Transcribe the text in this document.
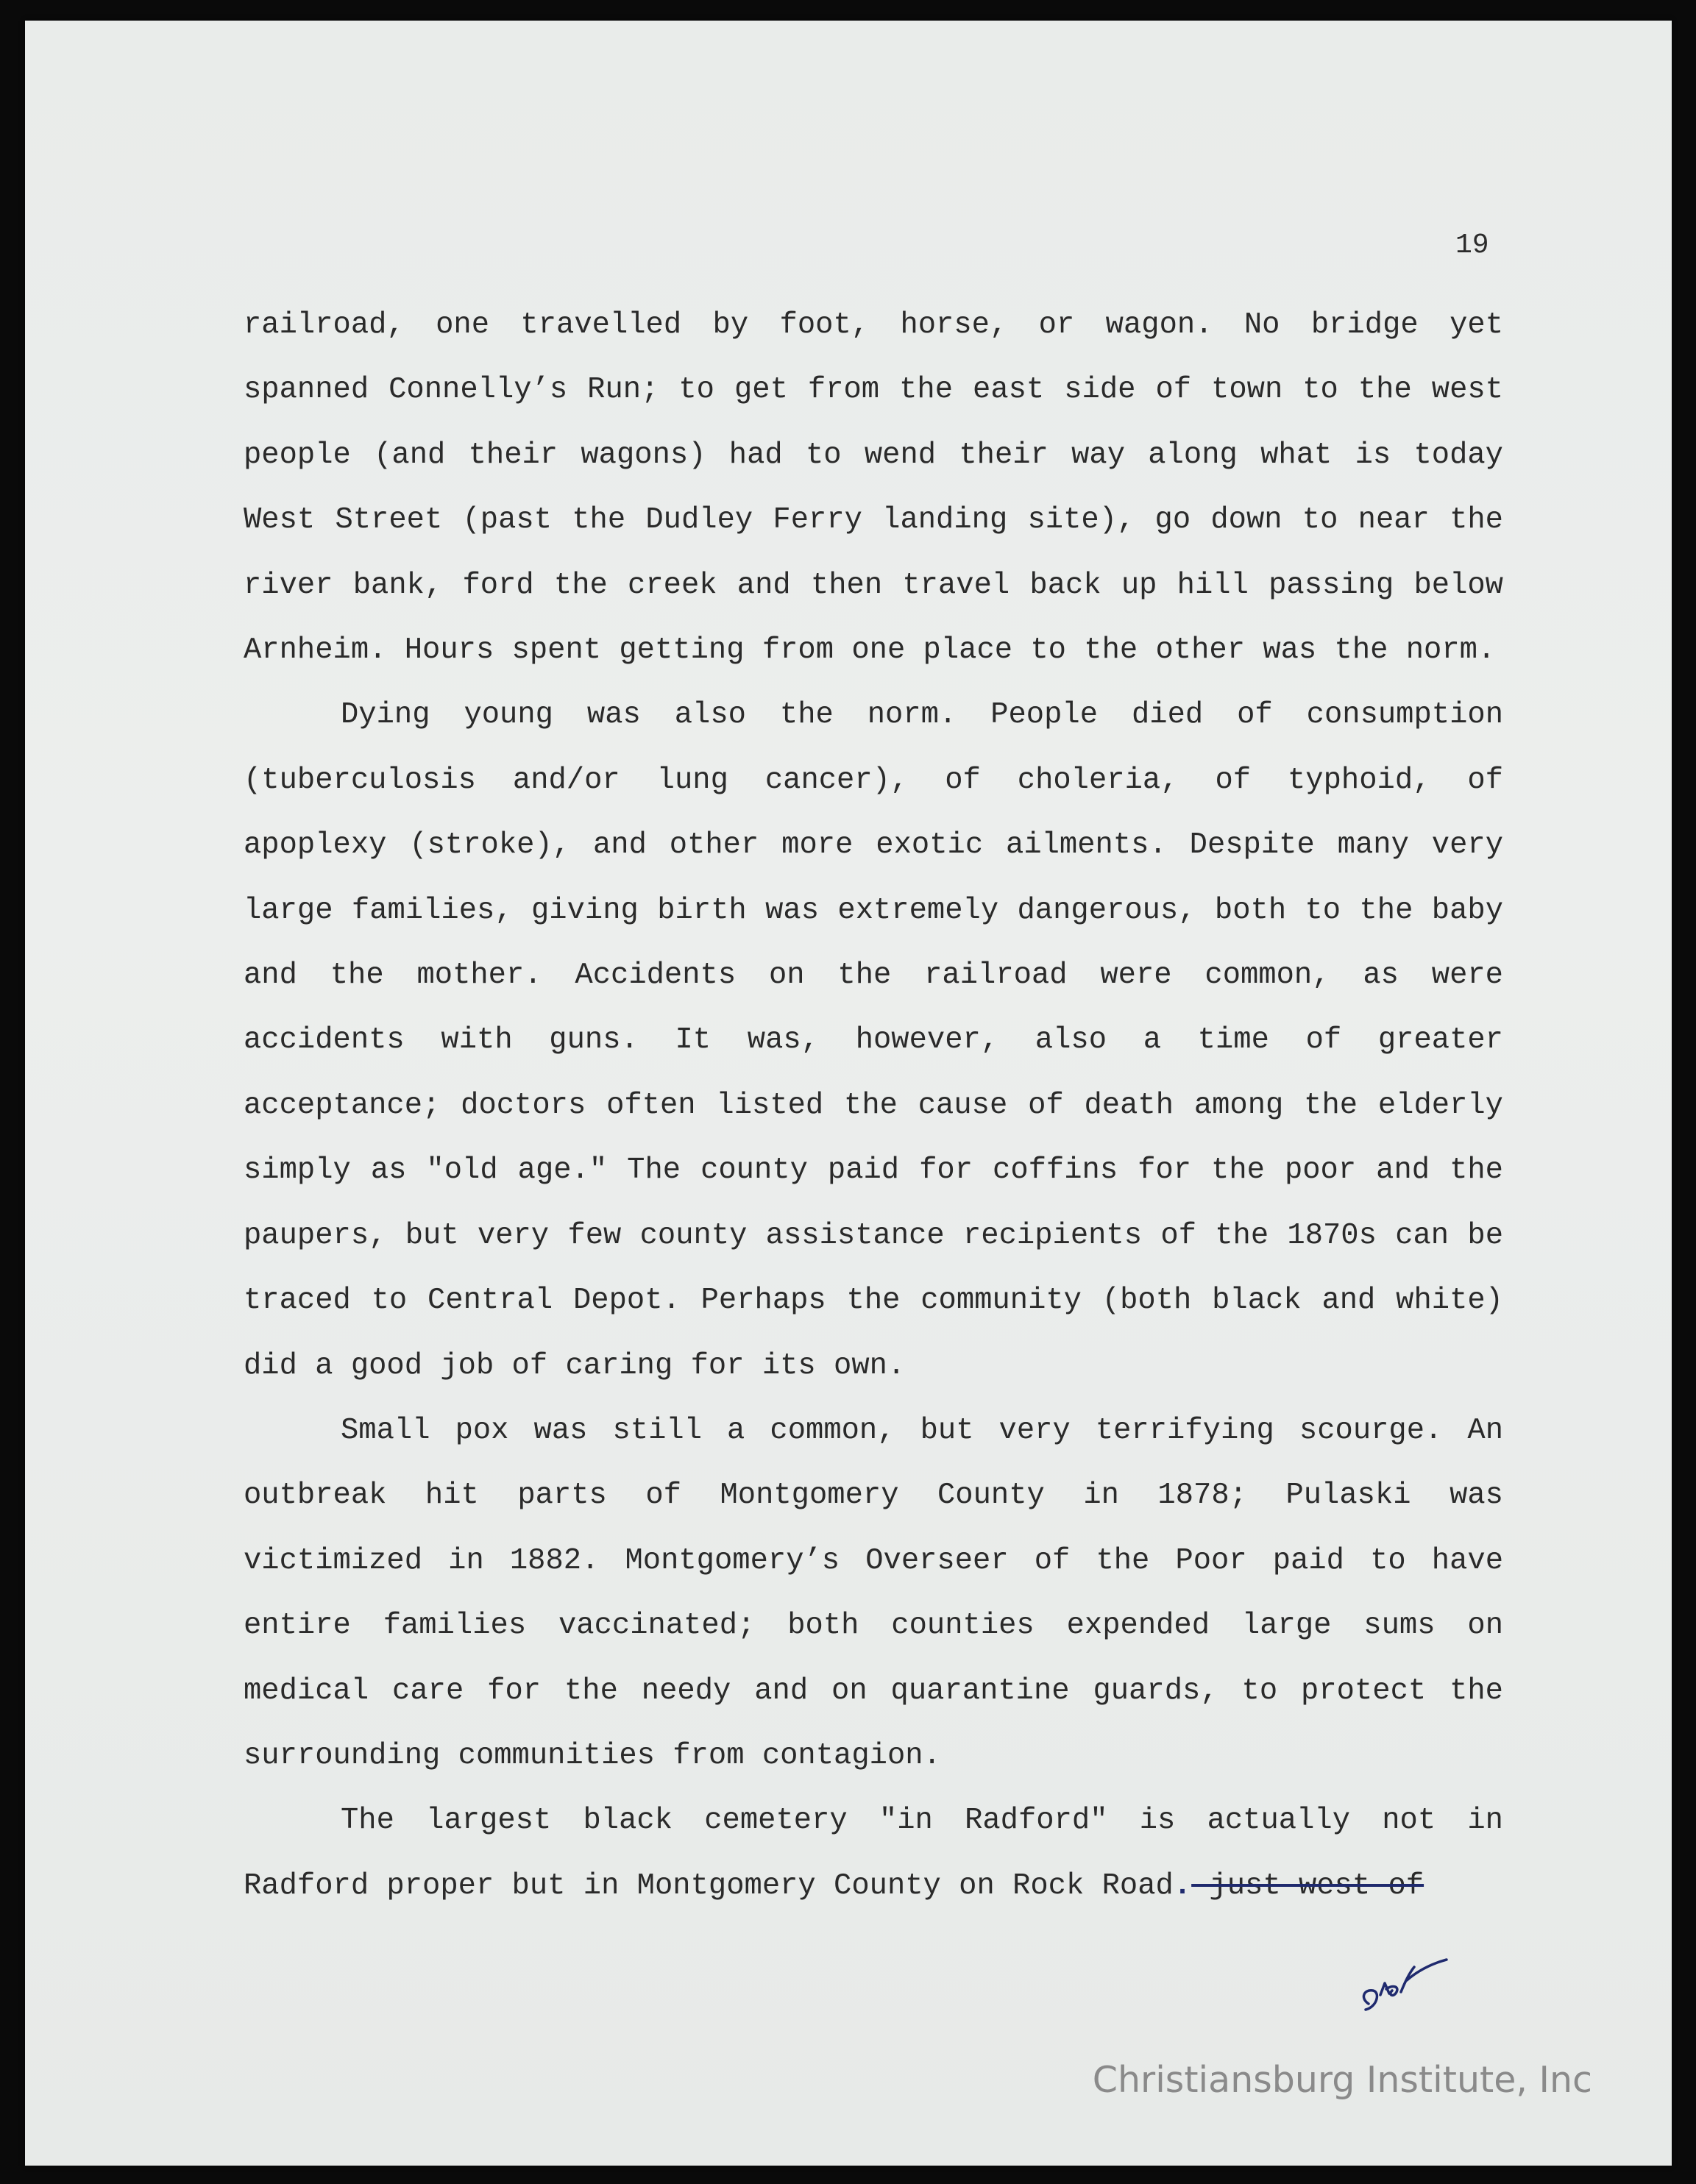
19

railroad, one travelled by foot, horse, or wagon. No bridge yet spanned Connelly’s Run; to get from the east side of town to the west people (and their wagons) had to wend their way along what is today West Street (past the Dudley Ferry landing site), go down to near the river bank, ford the creek and then travel back up hill passing below Arnheim. Hours spent getting from one place to the other was the norm.

Dying young was also the norm. People died of consumption (tuberculosis and/or lung cancer), of choleria, of typhoid, of apoplexy (stroke), and other more exotic ailments. Despite many very large families, giving birth was extremely dangerous, both to the baby and the mother. Accidents on the railroad were common, as were accidents with guns. It was, however, also a time of greater acceptance; doctors often listed the cause of death among the elderly simply as "old age." The county paid for coffins for the poor and the paupers, but very few county assistance recipients of the 1870s can be traced to Central Depot. Perhaps the community (both black and white) did a good job of caring for its own.

Small pox was still a common, but very terrifying scourge. An outbreak hit parts of Montgomery County in 1878; Pulaski was victimized in 1882. Montgomery’s Overseer of the Poor paid to have entire families vaccinated; both counties expended large sums on medical care for the needy and on quarantine guards, to protect the surrounding communities from contagion.

The largest black cemetery "in Radford" is actually not in Radford proper but in Montgomery County on Rock Road. just west of

Christiansburg Institute, Inc
